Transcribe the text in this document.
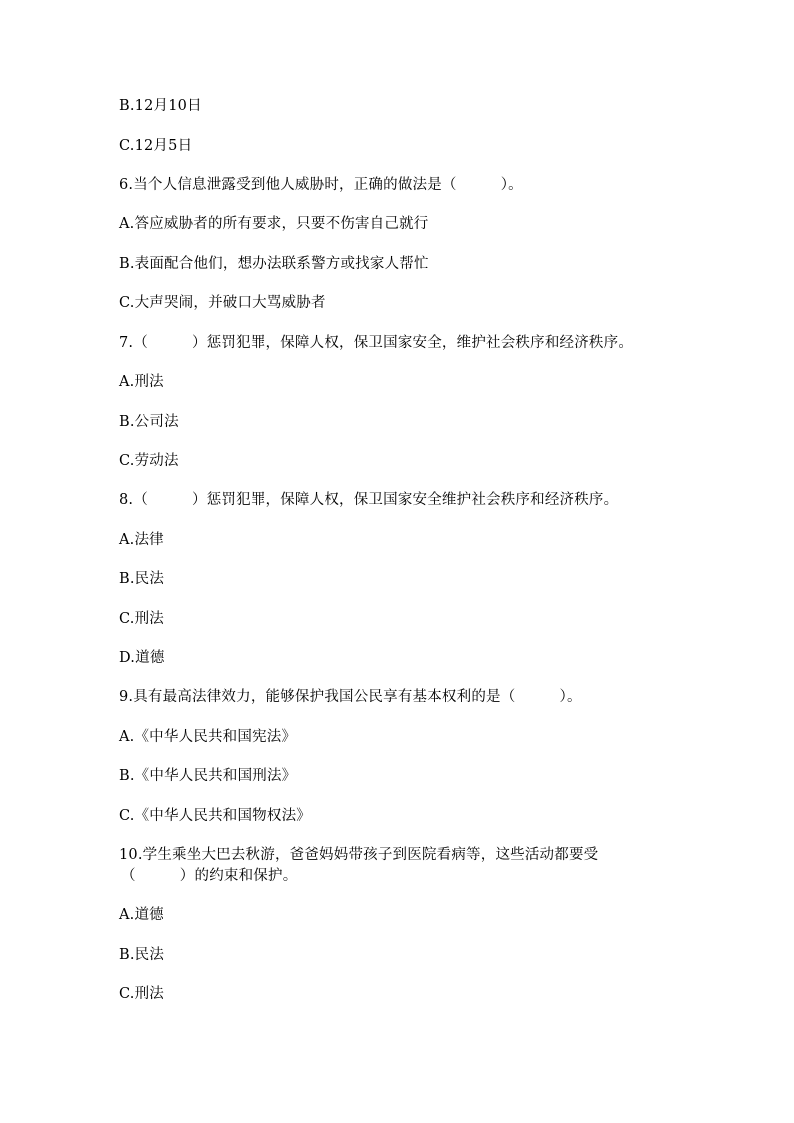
B.12月10日
C.12月5日
6.当个人信息泄露受到他人威胁时，正确的做法是（　　　）。
A.答应威胁者的所有要求，只要不伤害自己就行
B.表面配合他们，想办法联系警方或找家人帮忙
C.大声哭闹，并破口大骂威胁者
7.（　　　）惩罚犯罪，保障人权，保卫国家安全，维护社会秩序和经济秩序。
A.刑法
B.公司法
C.劳动法
8.（　　　）惩罚犯罪，保障人权，保卫国家安全维护社会秩序和经济秩序。
A.法律
B.民法
C.刑法
D.道德
9.具有最高法律效力，能够保护我国公民享有基本权利的是（　　　）。
A.《中华人民共和国宪法》
B.《中华人民共和国刑法》
C.《中华人民共和国物权法》
10.学生乘坐大巴去秋游，爸爸妈妈带孩子到医院看病等，这些活动都要受
（　　　）的约束和保护。
A.道德
B.民法
C.刑法
